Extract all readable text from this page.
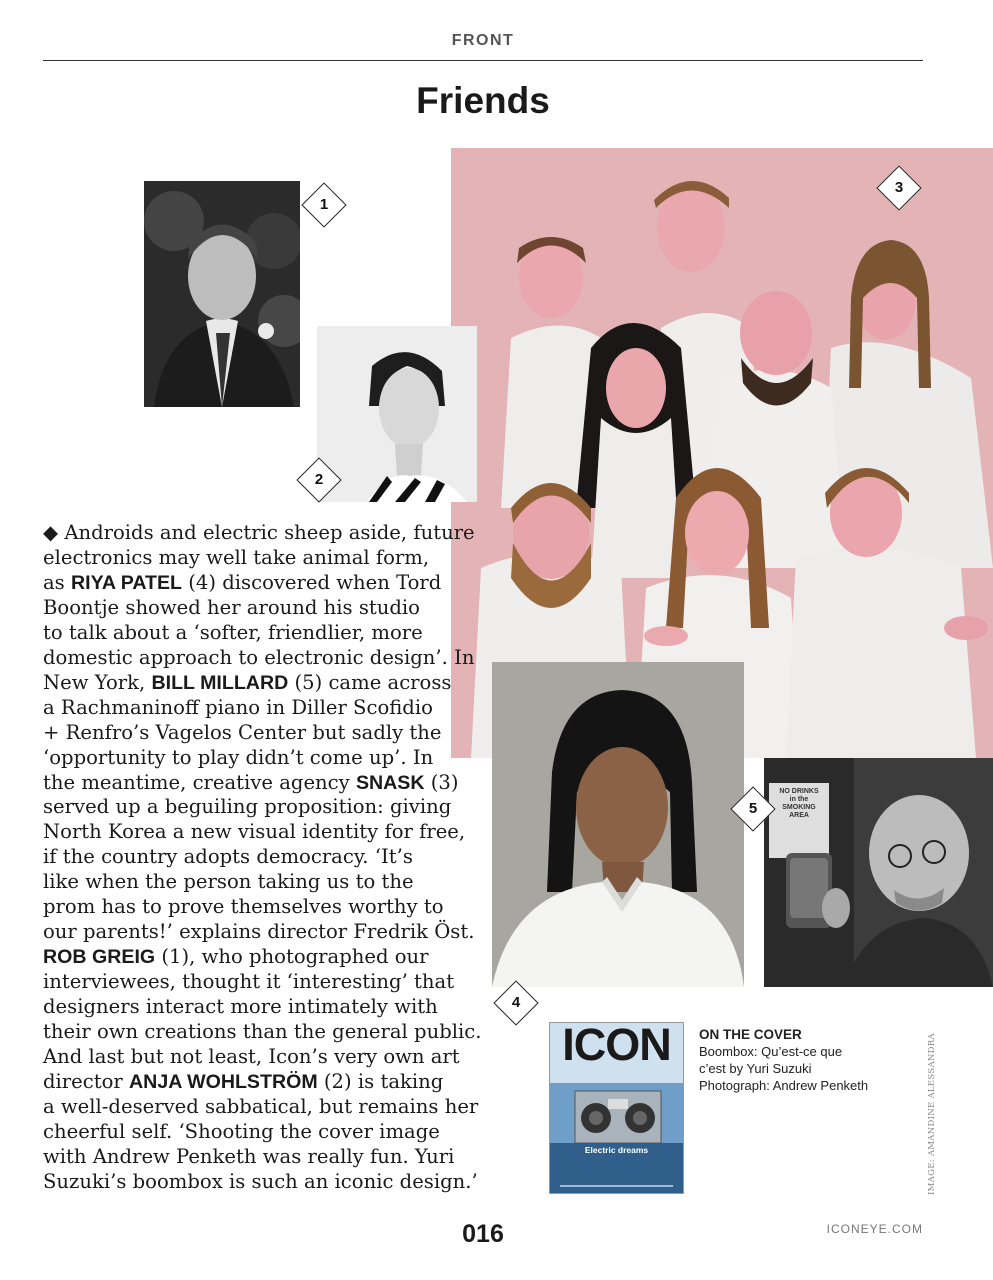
FRONT
Friends
NO DRINKS
in the
SMOKING
AREA
1
2
3
4
5
◆ Androids and electric sheep aside, future
electronics may well take animal form,
as RIYA PATEL (4) discovered when Tord
Boontje showed her around his studio
to talk about a ‘softer, friendlier, more
domestic approach to electronic design’. In
New York, BILL MILLARD (5) came across
a Rachmaninoff piano in Diller Scofidio
+ Renfro’s Vagelos Center but sadly the
‘opportunity to play didn’t come up’. In
the meantime, creative agency SNASK (3)
served up a beguiling proposition: giving
North Korea a new visual identity for free,
if the country adopts democracy. ‘It’s
like when the person taking us to the
prom has to prove themselves worthy to
our parents!’ explains director Fredrik Öst.
ROB GREIG (1), who photographed our
interviewees, thought it ‘interesting’ that
designers interact more intimately with
their own creations than the general public.
And last but not least, Icon’s very own art
director ANJA WOHLSTRÖM (2) is taking
a well-deserved sabbatical, but remains her
cheerful self. ‘Shooting the cover image
with Andrew Penketh was really fun. Yuri
Suzuki’s boombox is such an iconic design.’
ICON
Electric dreams
ON THE COVER
Boombox: Qu’est-ce que
c’est by Yuri Suzuki
Photograph: Andrew Penketh	IMAGE: AMANDINE ALESSANDRA
016	ICONEYE.COM
